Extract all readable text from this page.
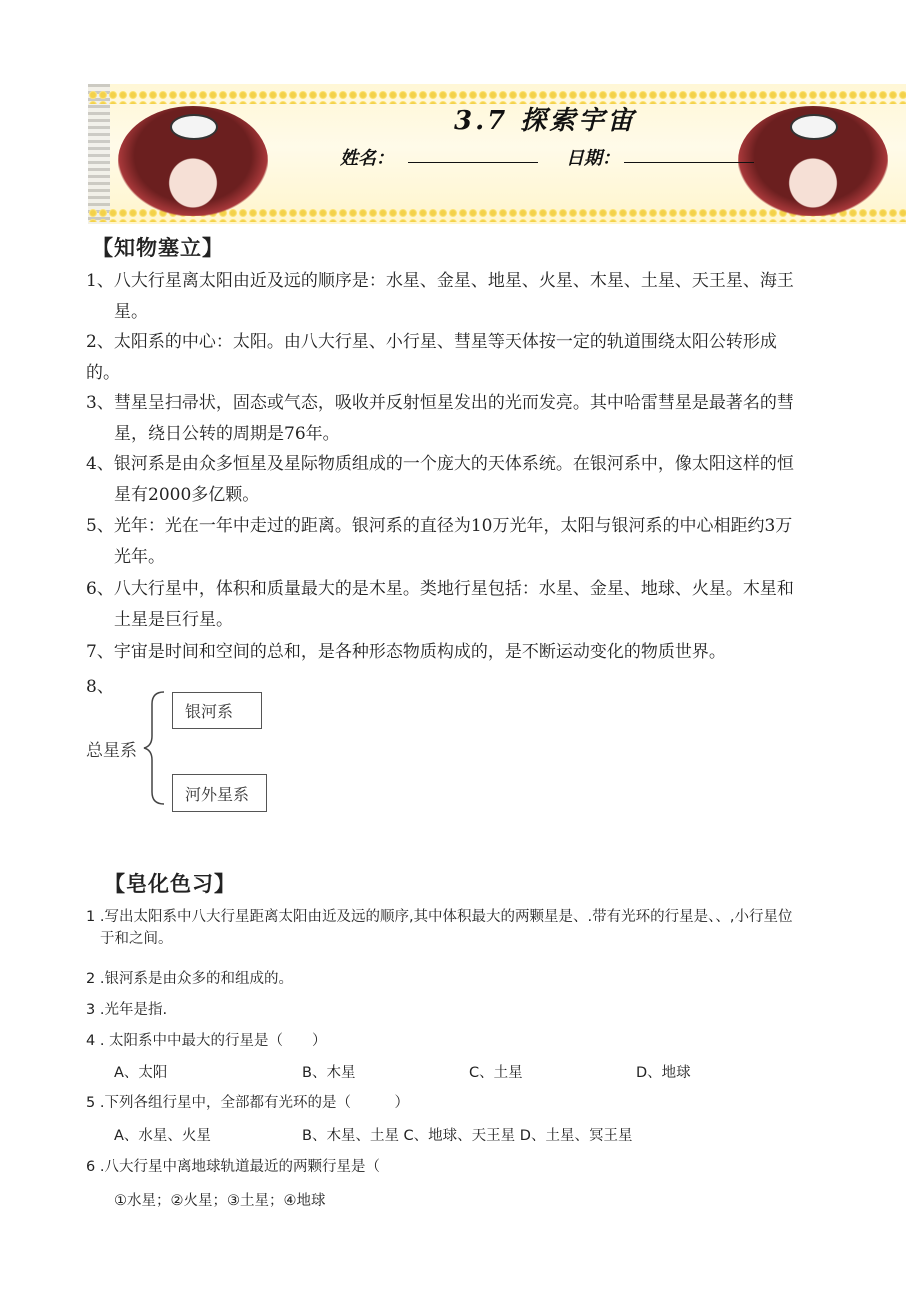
3.7 探索宇宙
姓名：	日期：
【知物塞立】
1、八大行星离太阳由近及远的顺序是：水星、金星、地星、火星、木星、土星、天王星、海王
星。
2、太阳系的中心：太阳。由八大行星、小行星、彗星等天体按一定的轨道围绕太阳公转形成
的。
3、彗星呈扫帚状，固态或气态，吸收并反射恒星发出的光而发亮。其中哈雷彗星是最著名的彗
星，绕日公转的周期是76年。
4、银河系是由众多恒星及星际物质组成的一个庞大的天体系统。在银河系中，像太阳这样的恒
星有2000多亿颗。
5、光年：光在一年中走过的距离。银河系的直径为10万光年，太阳与银河系的中心相距约3万
光年。
6、八大行星中，体积和质量最大的是木星。类地行星包括：水星、金星、地球、火星。木星和
土星是巨行星。
7、宇宙是时间和空间的总和，是各种形态物质构成的，是不断运动变化的物质世界。
8、
总星系
银河系
河外星系
【皂化色习】
1 .写出太阳系中八大行星距离太阳由近及远的顺序,其中体积最大的两颗星是、.带有光环的行星是、、,小行星位
于和之间。
2 .银河系是由众多的和组成的。
3 .光年是指.
4 . 太阳系中中最大的行星是（　　）
A、太阳	B、木星	C、土星	D、地球
5 .下列各组行星中，全部都有光环的是（　　　）
A、水星、火星	B、木星、土星 C、地球、天王星 D、土星、冥王星
6 .八大行星中离地球轨道最近的两颗行星是（
①水星；②火星；③土星；④地球
